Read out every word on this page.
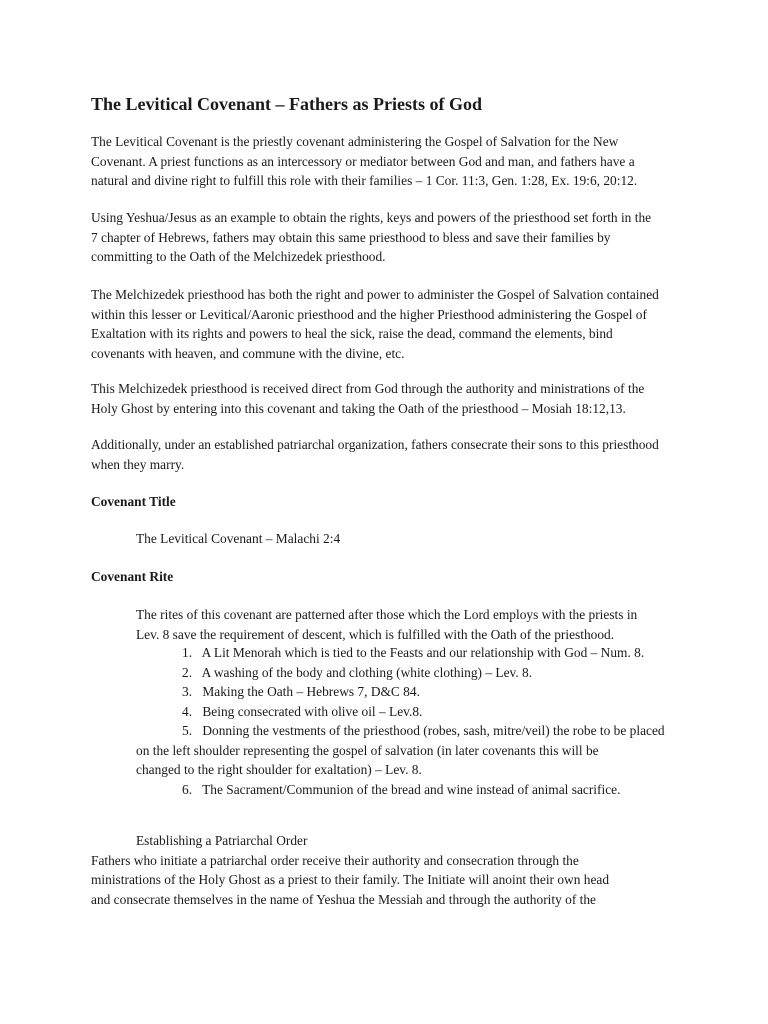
The Levitical Covenant – Fathers as Priests of God

The Levitical Covenant is the priestly covenant administering the Gospel of Salvation for the New
Covenant. A priest functions as an intercessory or mediator between God and man, and fathers have a
natural and divine right to fulfill this role with their families – 1 Cor. 11:3, Gen. 1:28, Ex. 19:6, 20:12.

Using Yeshua/Jesus as an example to obtain the rights, keys and powers of the priesthood set forth in the
7 chapter of Hebrews, fathers may obtain this same priesthood to bless and save their families by
committing to the Oath of the Melchizedek priesthood.

The Melchizedek priesthood has both the right and power to administer the Gospel of Salvation contained
within this lesser or Levitical/Aaronic priesthood and the higher Priesthood administering the Gospel of
Exaltation with its rights and powers to heal the sick, raise the dead, command the elements, bind
covenants with heaven, and commune with the divine, etc.

This Melchizedek priesthood is received direct from God through the authority and ministrations of the
Holy Ghost by entering into this covenant and taking the Oath of the priesthood – Mosiah 18:12,13.

Additionally, under an established patriarchal organization, fathers consecrate their sons to this priesthood
when they marry.

Covenant Title

The Levitical Covenant – Malachi 2:4

Covenant Rite

The rites of this covenant are patterned after those which the Lord employs with the priests in
Lev. 8 save the requirement of descent, which is fulfilled with the Oath of the priesthood.

1. A Lit Menorah which is tied to the Feasts and our relationship with God – Num. 8.
2. A washing of the body and clothing (white clothing) – Lev. 8.
3. Making the Oath – Hebrews 7, D&C 84.
4. Being consecrated with olive oil – Lev.8.
5. Donning the vestments of the priesthood (robes, sash, mitre/veil) the robe to be placed
on the left shoulder representing the gospel of salvation (in later covenants this will be
changed to the right shoulder for exaltation) – Lev. 8.
6. The Sacrament/Communion of the bread and wine instead of animal sacrifice.
Establishing a Patriarchal Order
Fathers who initiate a patriarchal order receive their authority and consecration through the
ministrations of the Holy Ghost as a priest to their family. The Initiate will anoint their own head
and consecrate themselves in the name of Yeshua the Messiah and through the authority of the
